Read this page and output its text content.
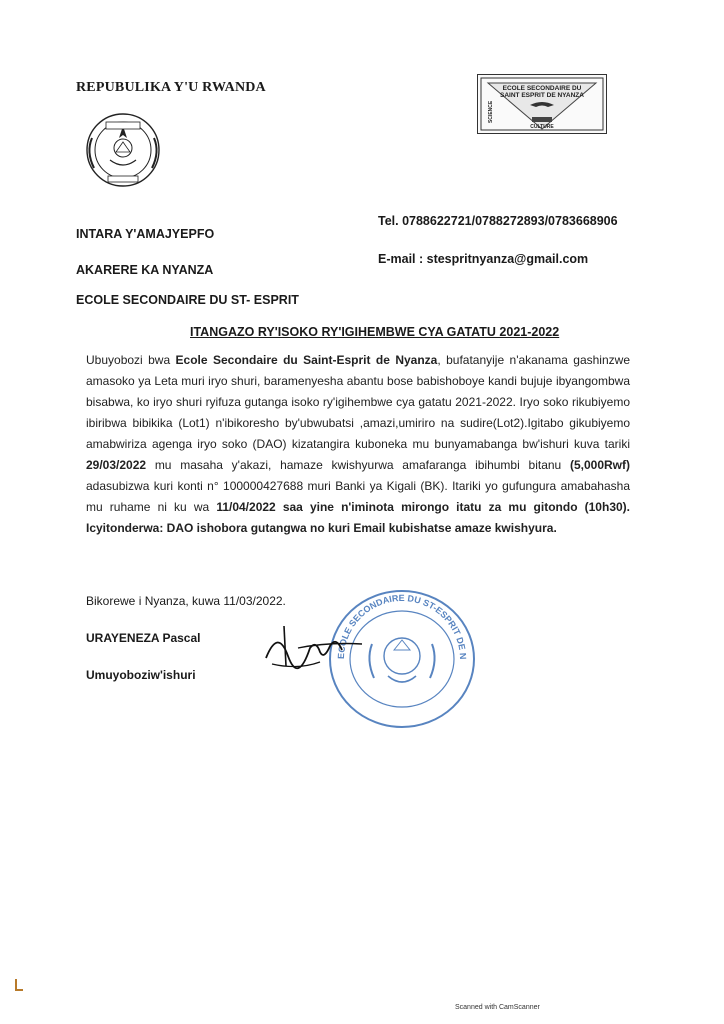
REPUBULIKA Y'U RWANDA	ECOLE SECONDAIRE DU
SAINT ESPRIT DE NYANZA
CULTURE
SCIENCE
INTARA Y'AMAJYEPFO
AKARERE KA NYANZA
ECOLE SECONDAIRE DU ST- ESPRIT
Tel. 0788622721/0788272893/0783668906
E-mail : stespritnyanza@gmail.com
ITANGAZO RY'ISOKO RY'IGIHEMBWE CYA GATATU 2021-2022
Ubuyobozi bwa Ecole Secondaire du Saint-Esprit de Nyanza, bufatanyije n'akanama gashinzwe amasoko ya Leta muri iryo shuri, baramenyesha abantu bose babishoboye kandi bujuje ibyangombwa bisabwa, ko iryo shuri ryifuza gutanga isoko ry'igihembwe cya gatatu 2021-2022. Iryo soko rikubiyemo ibiribwa bibikika (Lot1) n'ibikoresho by'ubwubatsi ,amazi,umiriro na sudire(Lot2).Igitabo gikubiyemo amabwiriza agenga iryo soko (DAO) kizatangira kuboneka mu bunyamabanga bw'ishuri kuva tariki 29/03/2022 mu masaha y'akazi, hamaze kwishyurwa amafaranga ibihumbi bitanu (5,000Rwf) adasubizwa kuri konti n° 100000427688 muri Banki ya Kigali (BK). Itariki yo gufungura amabahasha mu ruhame ni ku wa 11/04/2022 saa yine n'iminota mirongo itatu za mu gitondo (10h30). Icyitonderwa: DAO ishobora gutangwa no kuri Email kubishatse amaze kwishyura.
Bikorewe i Nyanza, kuwa 11/03/2022.
URAYENEZA Pascal
Umuyoboziw'ishuri
ECOLE SECONDAIRE DU ST-ESPRIT DE N
Scanned with CamScanner
